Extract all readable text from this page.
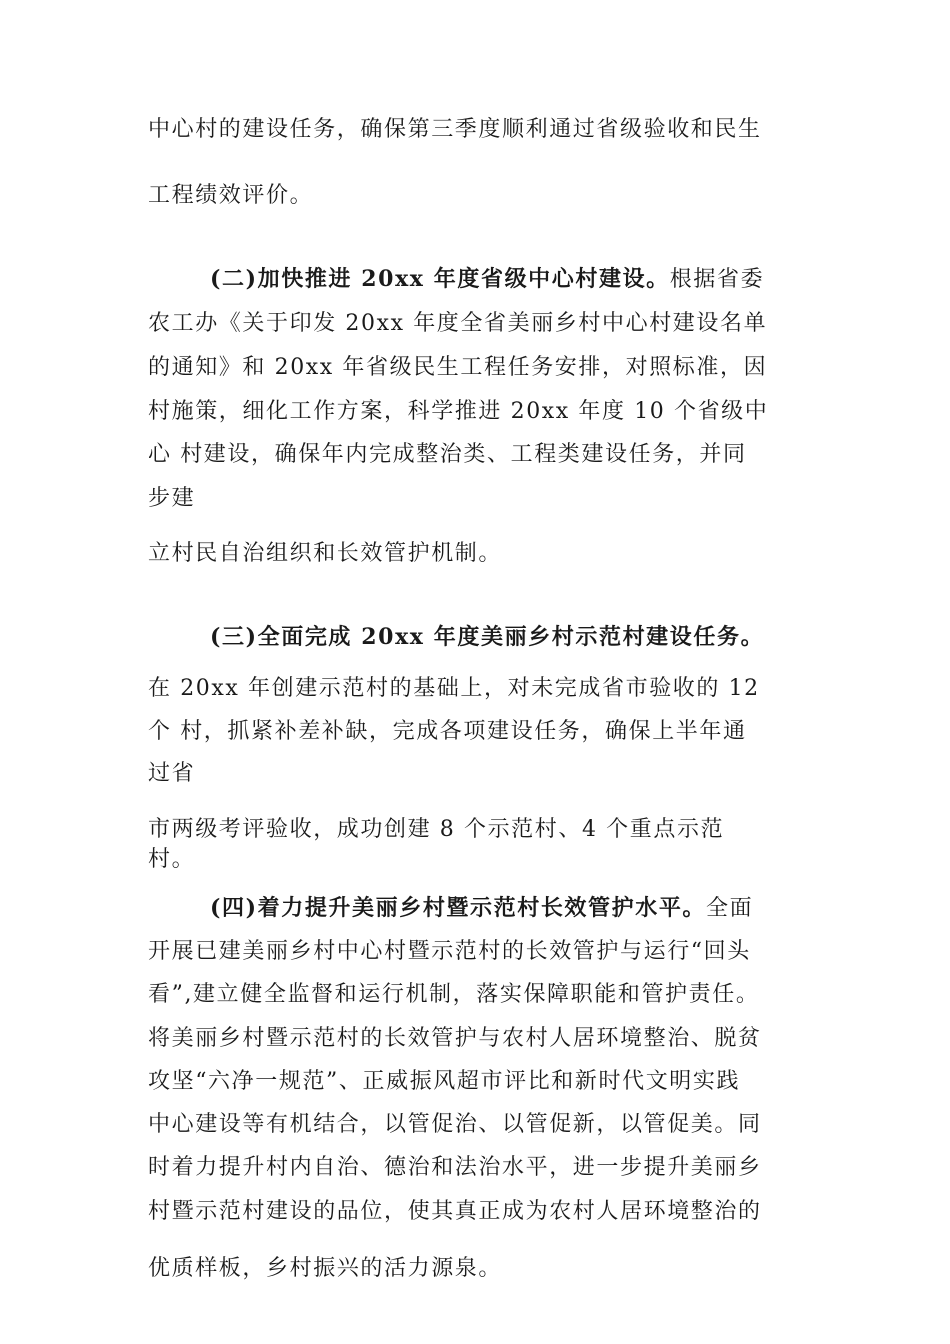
中心村的建设任务，确保第三季度顺利通过省级验收和民生
工程绩效评价。
(二)加快推进 20xx 年度省级中心村建设。根据省委
农工办《关于印发 20xx 年度全省美丽乡村中心村建设名单
的通知》和 20xx 年省级民生工程任务安排，对照标准，因
村施策，细化工作方案，科学推进 20xx 年度 10 个省级中
心 村建设，确保年内完成整治类、工程类建设任务，并同
步建
立村民自治组织和长效管护机制。
(三)全面完成 20xx 年度美丽乡村示范村建设任务。
在 20xx 年创建示范村的基础上，对未完成省市验收的 12
个 村，抓紧补差补缺，完成各项建设任务，确保上半年通
过省
市两级考评验收，成功创建 8 个示范村、4 个重点示范
村。
(四)着力提升美丽乡村暨示范村长效管护水平。全面
开展已建美丽乡村中心村暨示范村的长效管护与运行“回头
看”,建立健全监督和运行机制，落实保障职能和管护责任。
将美丽乡村暨示范村的长效管护与农村人居环境整治、脱贫
攻坚“六净一规范”、正威振风超市评比和新时代文明实践
中心建设等有机结合，以管促治、以管促新，以管促美。同
时着力提升村内自治、德治和法治水平，进一步提升美丽乡
村暨示范村建设的品位，使其真正成为农村人居环境整治的
优质样板，乡村振兴的活力源泉。
